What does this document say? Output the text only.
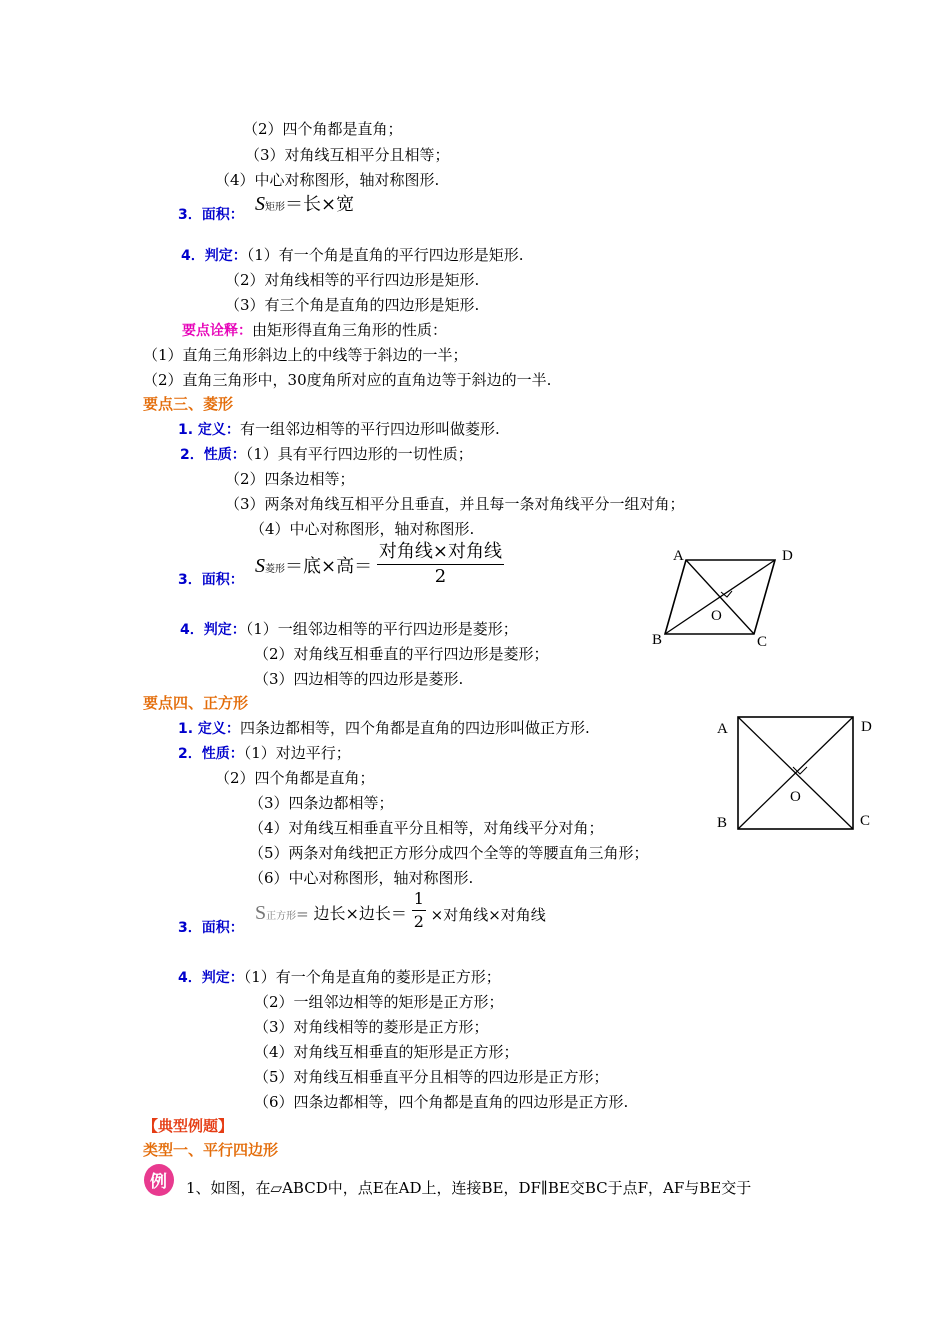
（2）四个角都是直角；
（3）对角线互相平分且相等；
（4）中心对称图形，轴对称图形.
3．面积： S矩形＝长×宽
4．判定：（1）有一个角是直角的平行四边形是矩形.
（2）对角线相等的平行四边形是矩形.
（3）有三个角是直角的四边形是矩形.
要点诠释：由矩形得直角三角形的性质：
（1）直角三角形斜边上的中线等于斜边的一半；
（2）直角三角形中，30度角所对应的直角边等于斜边的一半.
要点三、菱形
1. 定义：有一组邻边相等的平行四边形叫做菱形.
2．性质：（1）具有平行四边形的一切性质；
（2）四条边相等；
（3）两条对角线互相平分且垂直，并且每一条对角线平分一组对角；
（4）中心对称图形，轴对称图形.
3．面积：
S菱形＝底×高＝ $\frac{\text{对角线×对角线}}{2}$
4．判定：（1）一组邻边相等的平行四边形是菱形；
（2）对角线互相垂直的平行四边形是菱形；
（3）四边相等的四边形是菱形.
A	D
B	C
O
要点四、正方形
1. 定义：四条边都相等，四个角都是直角的四边形叫做正方形.
2．性质：（1）对边平行；
（2）四个角都是直角；
（3）四条边都相等；
（4）对角线互相垂直平分且相等，对角线平分对角；
（5）两条对角线把正方形分成四个全等的等腰直角三角形；
（6）中心对称图形，轴对称图形.
3．面积：
S正方形= 边长×边长＝ $\frac{1}{2}$ ×对角线×对角线
4．判定：（1）有一个角是直角的菱形是正方形；
（2）一组邻边相等的矩形是正方形；
（3）对角线相等的菱形是正方形；
（4）对角线互相垂直的矩形是正方形；
（5）对角线互相垂直平分且相等的四边形是正方形；
（6）四条边都相等，四个角都是直角的四边形是正方形.
A	D
B	C
O
【典型例题】
类型一、平行四边形
例 1、如图，在▱ABCD中，点E在AD上，连接BE，DF∥BE交BC于点F，AF与BE交于
